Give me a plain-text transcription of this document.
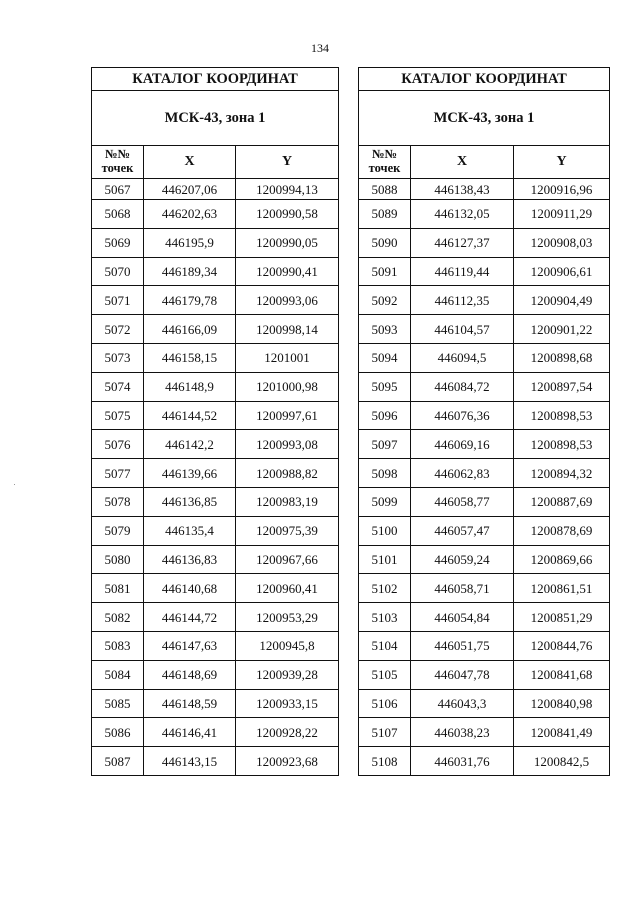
134
КАТАЛОГ КООРДИНАТ		
МСК-43, зона 1		
№№
точек	X	Y
5067	446207,06	1200994,13
5068	446202,63	1200990,58
5069	446195,9	1200990,05
5070	446189,34	1200990,41
5071	446179,78	1200993,06
5072	446166,09	1200998,14
5073	446158,15	1201001
5074	446148,9	1201000,98
5075	446144,52	1200997,61
5076	446142,2	1200993,08
5077	446139,66	1200988,82
5078	446136,85	1200983,19
5079	446135,4	1200975,39
5080	446136,83	1200967,66
5081	446140,68	1200960,41
5082	446144,72	1200953,29
5083	446147,63	1200945,8
5084	446148,69	1200939,28
5085	446148,59	1200933,15
5086	446146,41	1200928,22
5087	446143,15	1200923,68
КАТАЛОГ КООРДИНАТ		
МСК-43, зона 1		
№№
точек	X	Y
5088	446138,43	1200916,96
5089	446132,05	1200911,29
5090	446127,37	1200908,03
5091	446119,44	1200906,61
5092	446112,35	1200904,49
5093	446104,57	1200901,22
5094	446094,5	1200898,68
5095	446084,72	1200897,54
5096	446076,36	1200898,53
5097	446069,16	1200898,53
5098	446062,83	1200894,32
5099	446058,77	1200887,69
5100	446057,47	1200878,69
5101	446059,24	1200869,66
5102	446058,71	1200861,51
5103	446054,84	1200851,29
5104	446051,75	1200844,76
5105	446047,78	1200841,68
5106	446043,3	1200840,98
5107	446038,23	1200841,49
5108	446031,76	1200842,5
